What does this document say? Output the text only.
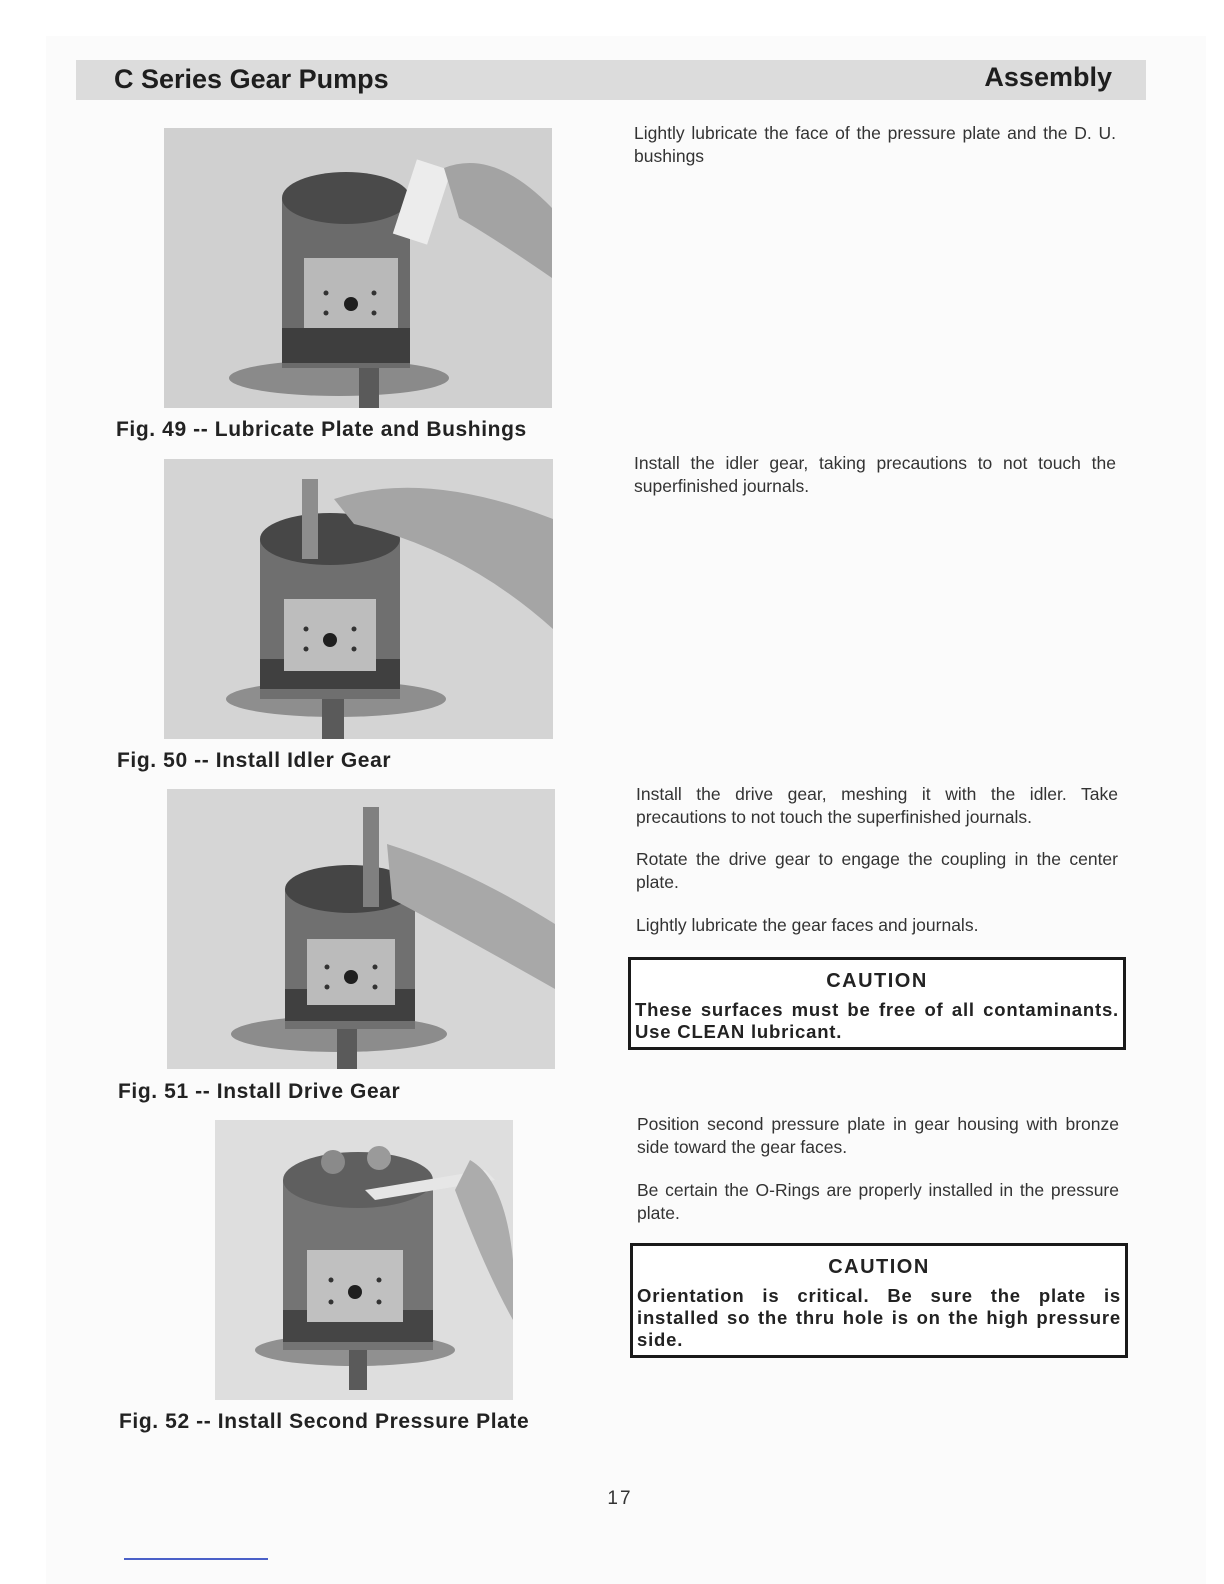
C Series Gear Pumps	Assembly
Fig. 49 -- Lubricate Plate and Bushings
Fig. 50 -- Install Idler Gear
Fig. 51 -- Install Drive Gear
Fig. 52 -- Install Second Pressure Plate

Lightly lubricate the face of the pressure plate and the D. U. bushings

Install the idler gear, taking precautions to not touch the superfinished journals.

Install the drive gear, meshing it with the idler. Take precautions to not touch the superfinished journals.

Rotate the drive gear to engage the coupling in the center plate.

Lightly lubricate the gear faces and journals.

CAUTION
These surfaces must be free of all contaminants. Use CLEAN lubricant.

Position second pressure plate in gear housing with bronze side toward the gear faces.

Be certain the O-Rings are properly installed in the pressure plate.

CAUTION
Orientation is critical. Be sure the plate is installed so the thru hole is on the high pressure side.
17
